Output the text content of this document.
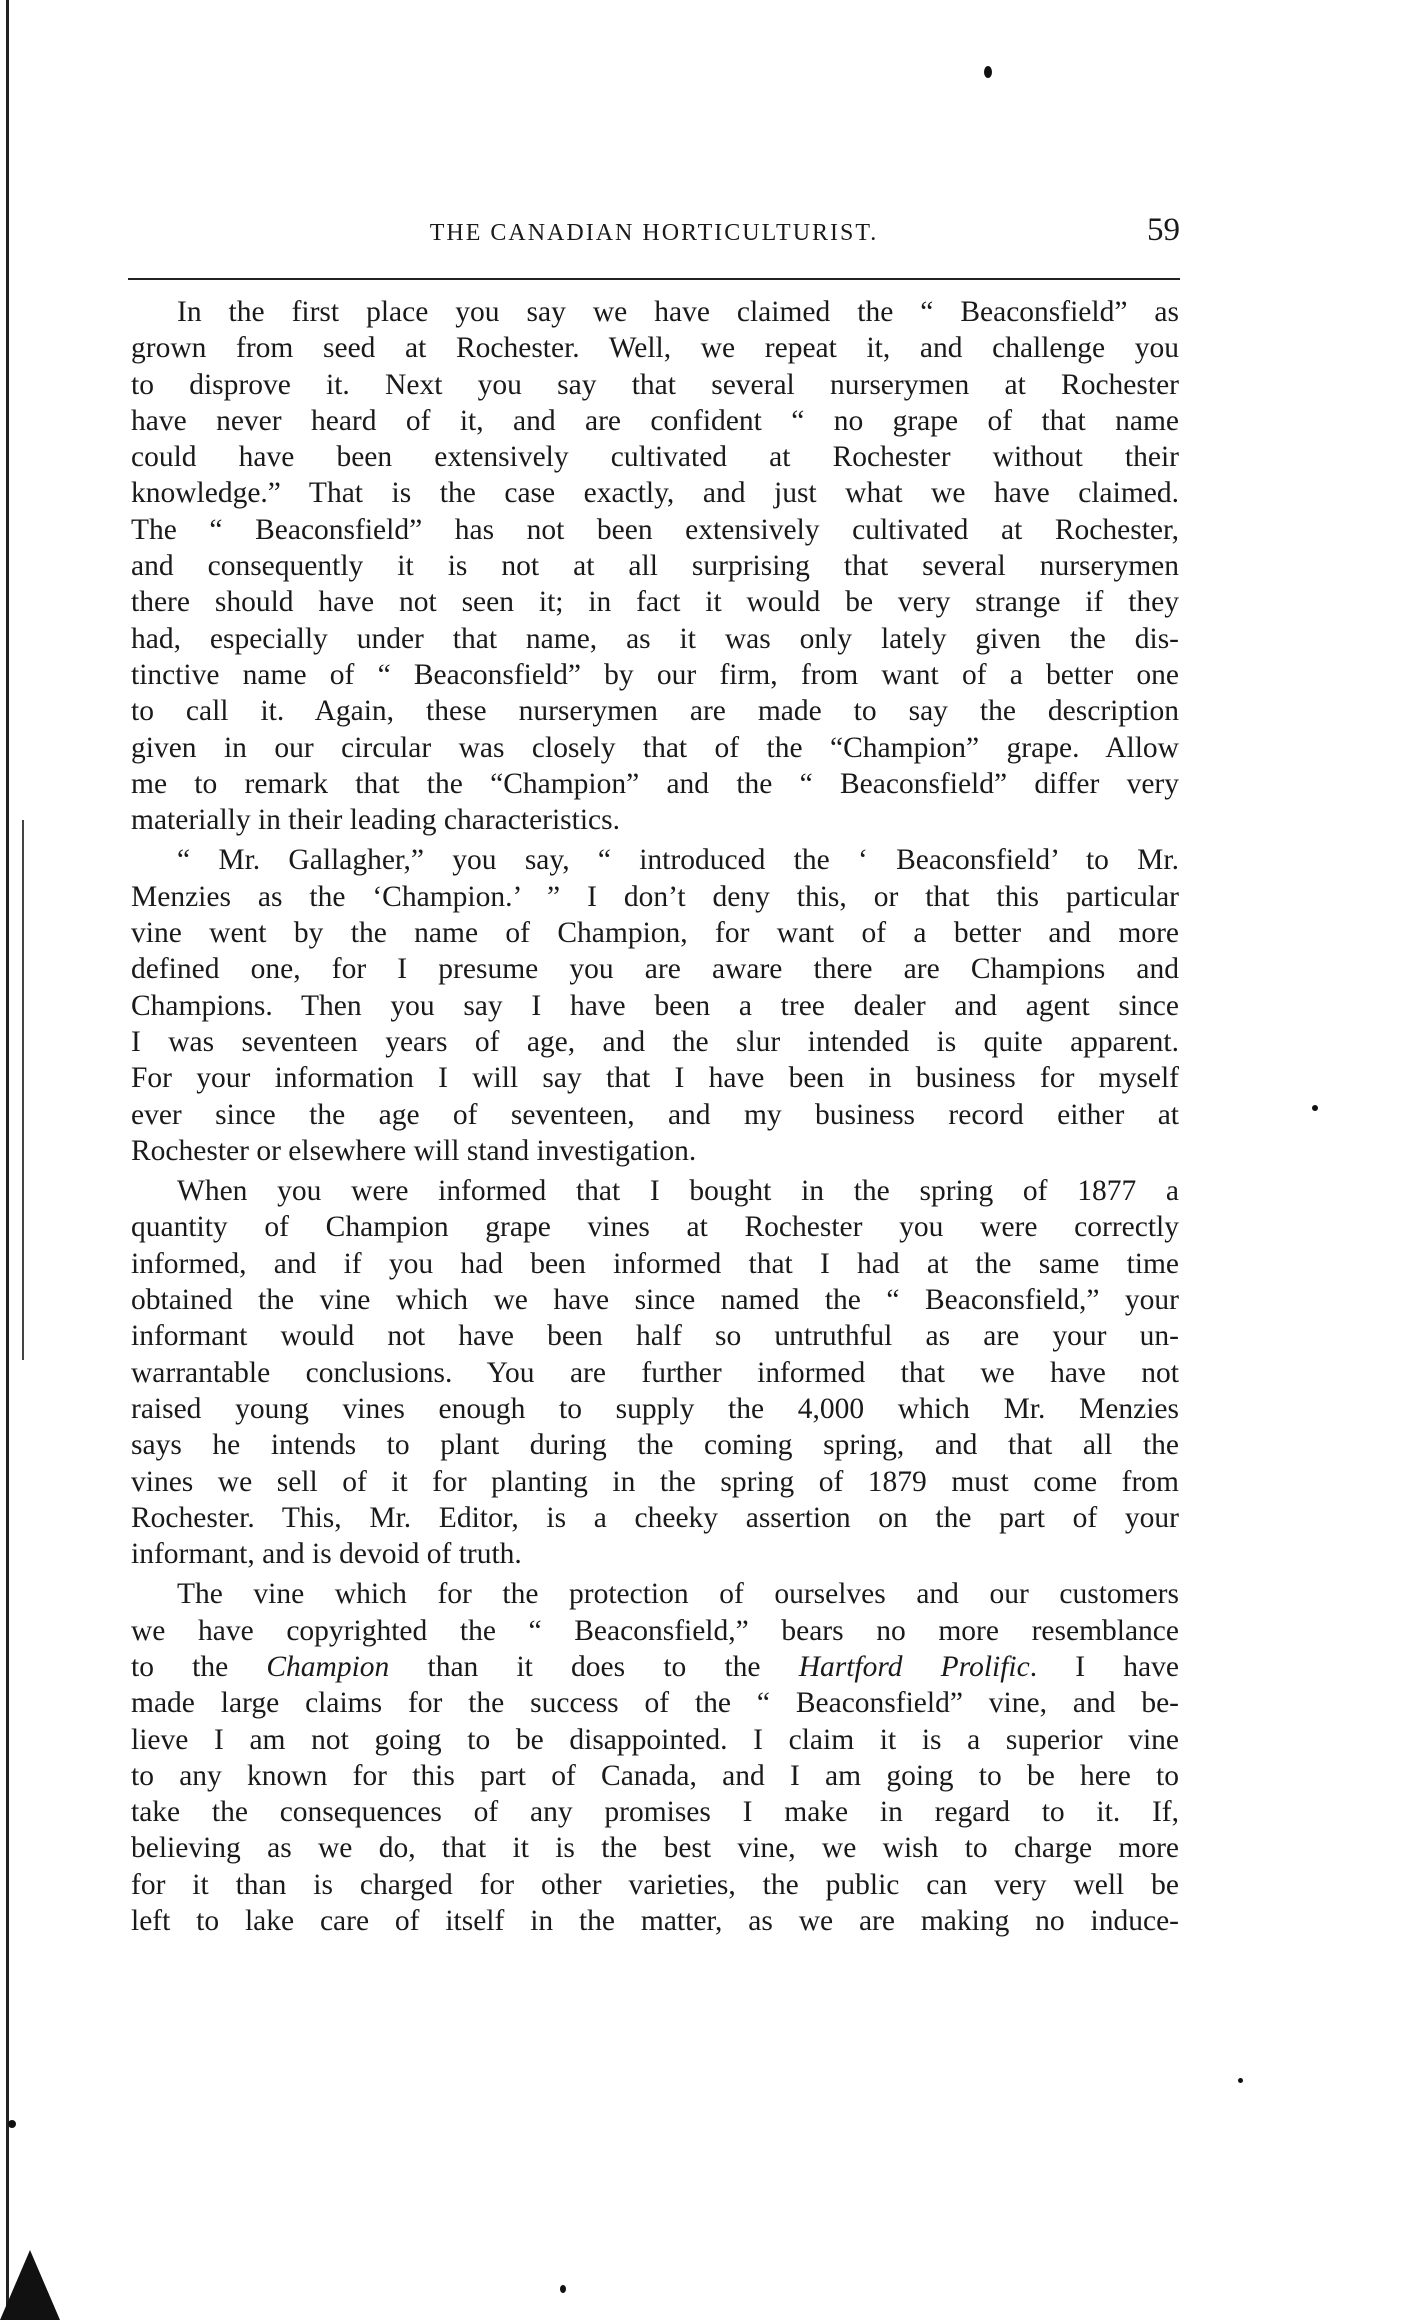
THE CANADIAN HORTICULTURIST.	59
In the first place you say we have claimed the “ Beaconsfield” as
grown from seed at Rochester. Well, we repeat it, and challenge you
to disprove it. Next you say that several nurserymen at Rochester
have never heard of it, and are confident “ no grape of that name
could have been extensively cultivated at Rochester without their
knowledge.” That is the case exactly, and just what we have claimed.
The “ Beaconsfield” has not been extensively cultivated at Rochester,
and consequently it is not at all surprising that several nurserymen
there should have not seen it; in fact it would be very strange if they
had, especially under that name, as it was only lately given the dis-
tinctive name of “ Beaconsfield” by our firm, from want of a better one
to call it. Again, these nurserymen are made to say the description
given in our circular was closely that of the “Champion” grape. Allow
me to remark that the “Champion” and the “ Beaconsfield” differ very
materially in their leading characteristics.
“ Mr. Gallagher,” you say, “ introduced the ‘ Beaconsfield’ to Mr.
Menzies as the ‘Champion.’ ” I don’t deny this, or that this particular
vine went by the name of Champion, for want of a better and more
defined one, for I presume you are aware there are Champions and
Champions. Then you say I have been a tree dealer and agent since
I was seventeen years of age, and the slur intended is quite apparent.
For your information I will say that I have been in business for myself
ever since the age of seventeen, and my business record either at
Rochester or elsewhere will stand investigation.
When you were informed that I bought in the spring of 1877 a
quantity of Champion grape vines at Rochester you were correctly
informed, and if you had been informed that I had at the same time
obtained the vine which we have since named the “ Beaconsfield,” your
informant would not have been half so untruthful as are your un-
warrantable conclusions. You are further informed that we have not
raised young vines enough to supply the 4,000 which Mr. Menzies
says he intends to plant during the coming spring, and that all the
vines we sell of it for planting in the spring of 1879 must come from
Rochester. This, Mr. Editor, is a cheeky assertion on the part of your
informant, and is devoid of truth.
The vine which for the protection of ourselves and our customers
we have copyrighted the “ Beaconsfield,” bears no more resemblance
to the Champion than it does to the Hartford Prolific. I have
made large claims for the success of the “ Beaconsfield” vine, and be-
lieve I am not going to be disappointed. I claim it is a superior vine
to any known for this part of Canada, and I am going to be here to
take the consequences of any promises I make in regard to it. If,
believing as we do, that it is the best vine, we wish to charge more
for it than is charged for other varieties, the public can very well be
left to lake care of itself in the matter, as we are making no induce-
